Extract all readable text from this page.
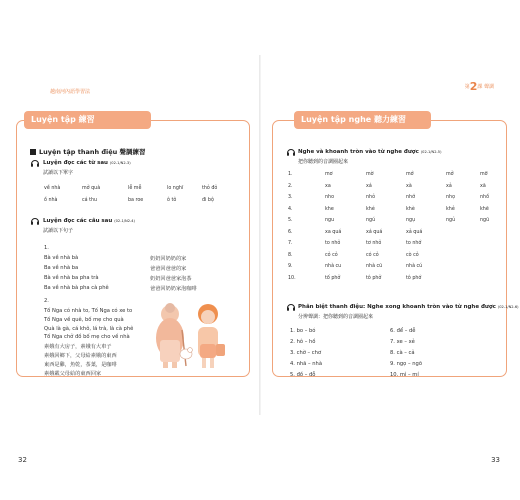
越南河內語學習法
Luyện tập 練習
Luyện tập thanh điệu 聲調練習
Luyện đọc các từ sau (02-1/N2-3)
試讀以下單字
về nhà	mở quà	lễ mễ	lo nghĩ	thỏ đỏ
ồ nhà	cá thu	ba roe	ô tô	đi bộ
Luyện đọc các câu sau (02-1/N2-4)
試讀以下句子
1.
Bà về nhà bà	奶奶回奶奶的家
Ba về nhà ba	爸爸回爸爸的家
Bà về nhà ba pha trà	奶奶回爸爸家泡茶
Ba về nhà bà pha cà phê	爸爸回奶奶家泡咖啡
2.
Tố Nga có nhà to, Tố Nga có xe to
Tố Nga về quê, bố mẹ cho quà
Quà là gà, cá khô, lá trà, là cà phê
Tố Nga chở đồ bố mẹ cho về nhà
素娥有大房子，素娥有大車子
素娥回鄉下，父母給素娥的東西
東西是雞，魚乾，茶葉，是咖啡
素娥載父母給的東西回家
32
第2課 聲調
Luyện tập nghe 聽力練習
Nghe và khoanh tròn vào từ nghe được (02-1/N2-5)
把你聽到的音調圈起來
1.	mơ	mờ	mớ	mở	mỡ
2.	xa	xá	xà	xả	xã
3.	nho	nhỏ	nhớ	nhọ	nhồ
4.	khe	khé	khè	khẻ	khẽ
5.	ngu	ngú	ngụ	ngủ	ngũ
6.	xa quá	xá quá	xả quá
7.	to nhỏ	tơ nhỏ	to nhớ
8.	cỏ cỏ	có cỏ	cò cỏ
9.	nhà cu	nhà cũ	nhà cú
10.	tố phở	tô phở	tô phớ
Phân biệt thanh điệu: Nghe xong khoanh tròn vào từ nghe được (02-1/N2-6)
分辨聲調：把你聽到的音調圈起來
1. bo – bó
2. hô – hồ
3. chờ – chơ
4. nhã – nhà
5. đồ – đỗ
6. để – dễ
7. xe – xẻ
8. cà – cả
9. ngọ – ngõ
10. mì – mí
33
